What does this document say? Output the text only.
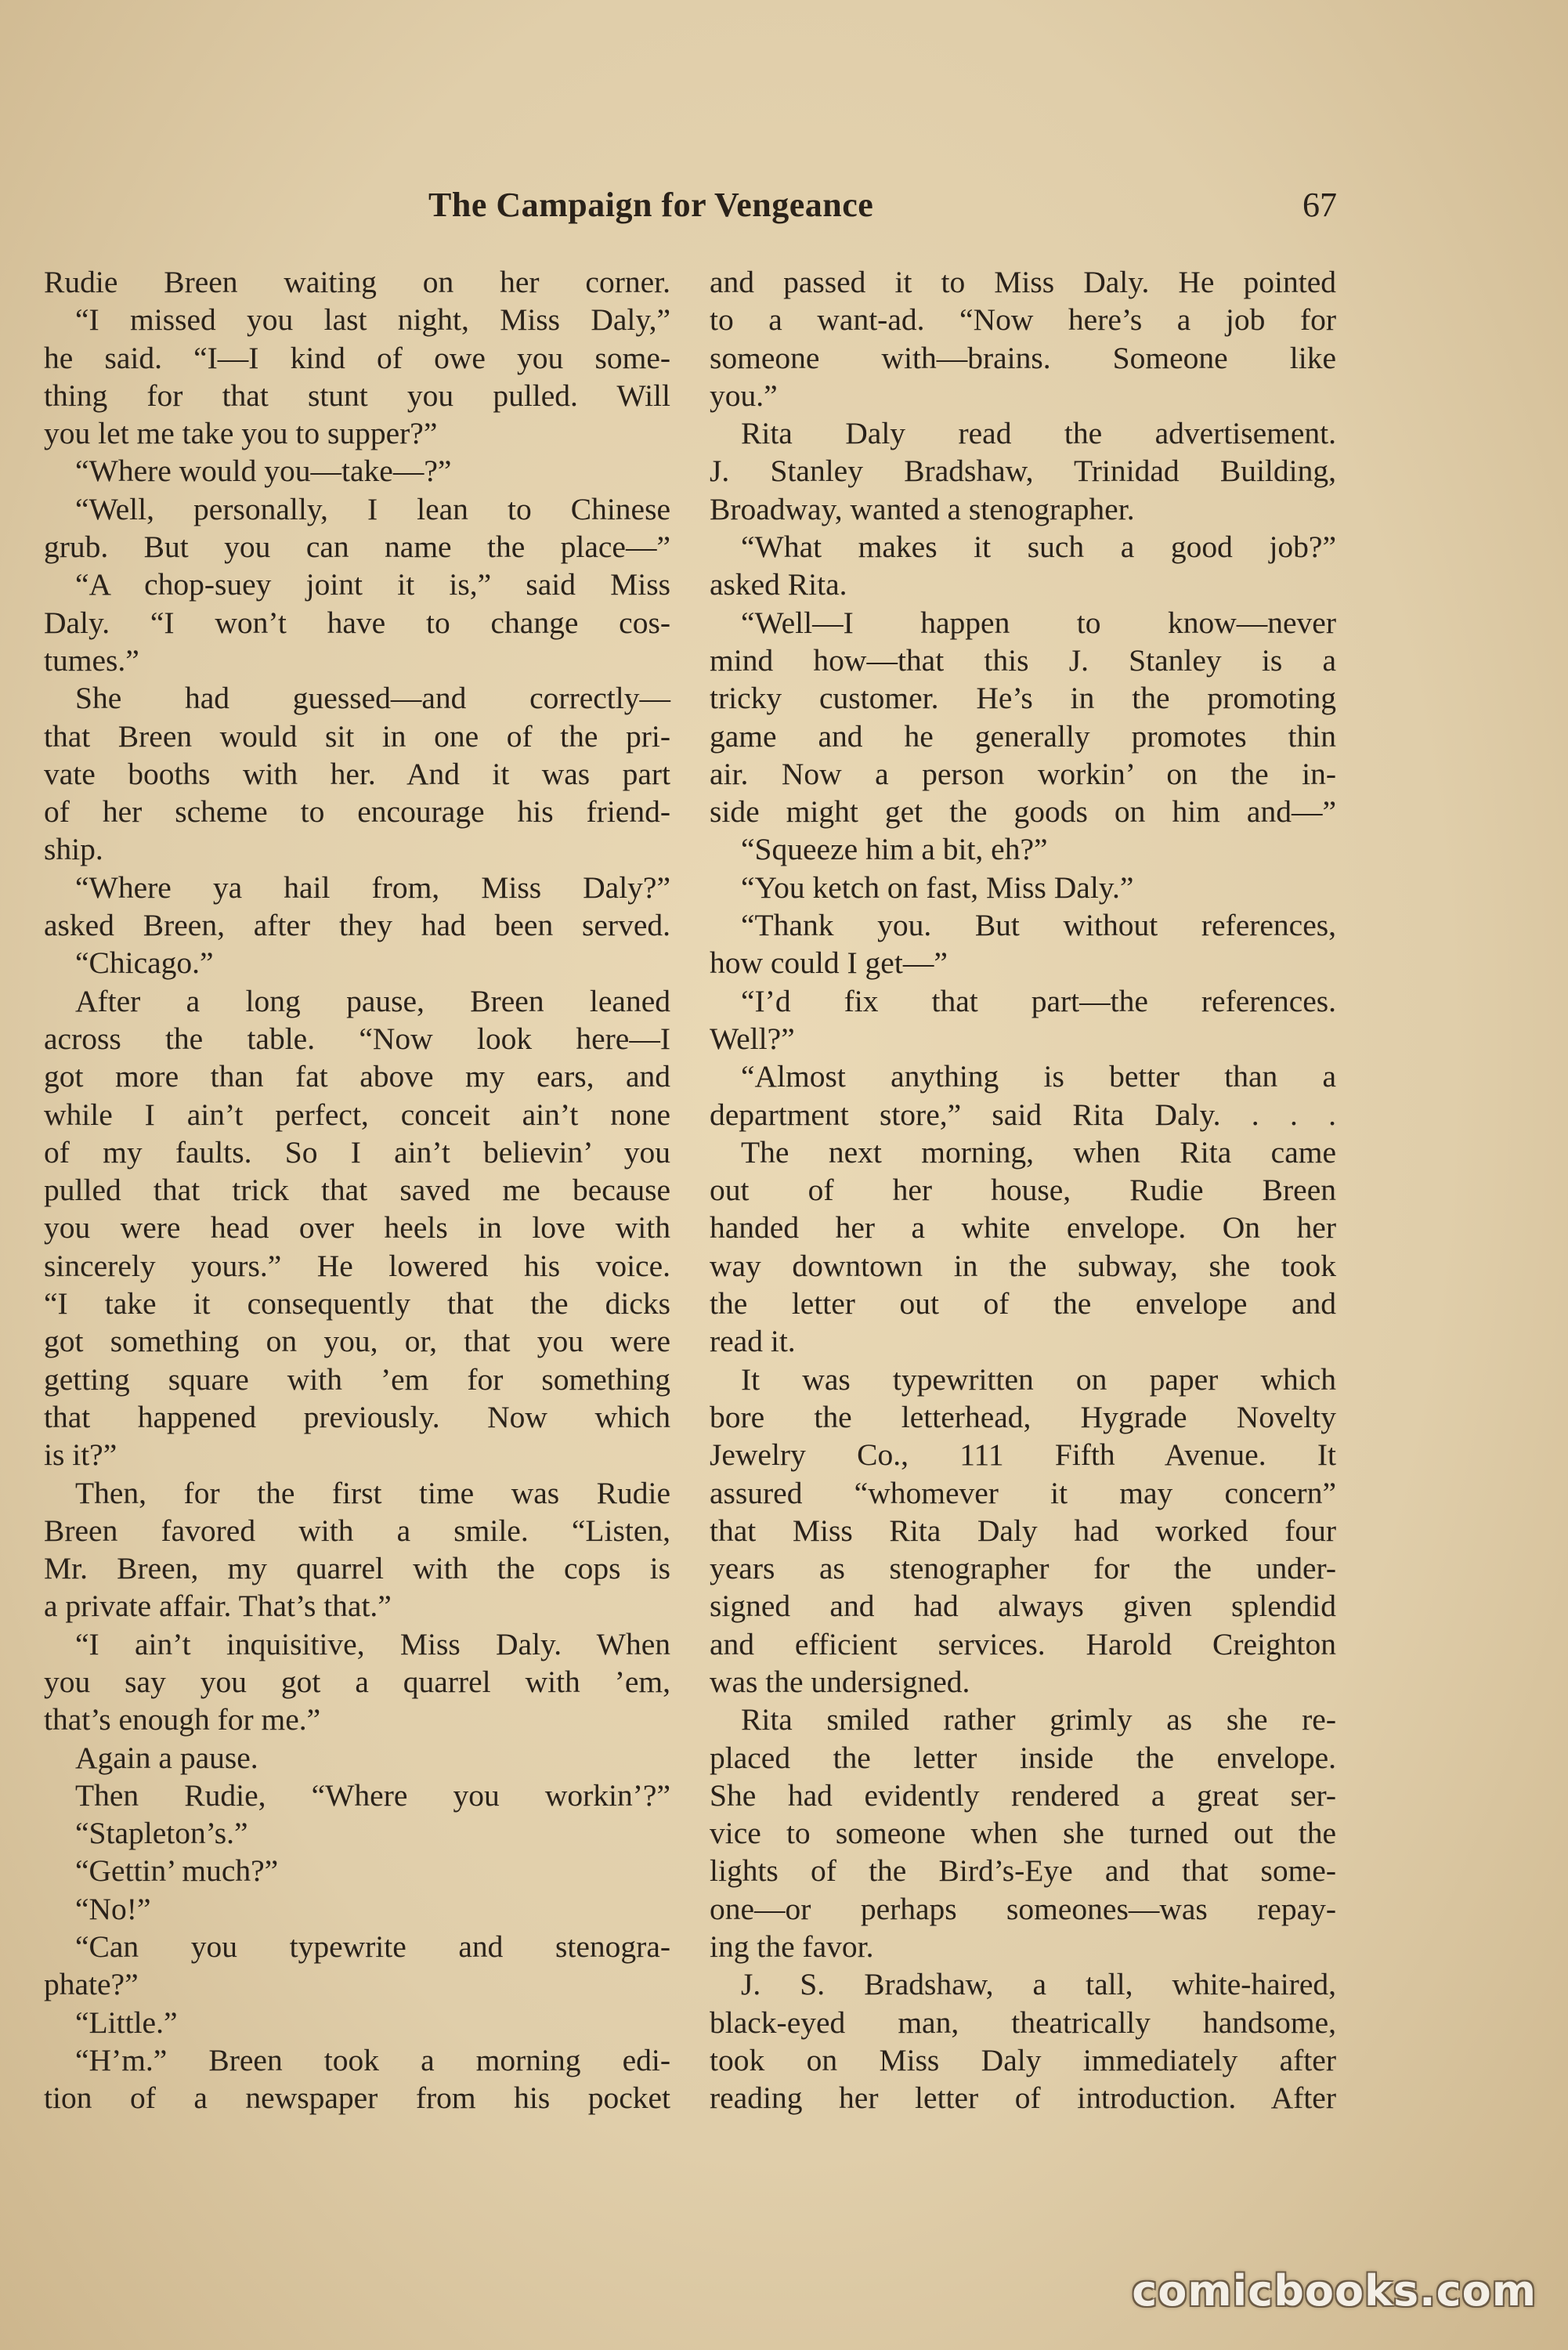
The Campaign for Vengeance	67
Rudie Breen waiting on her corner.
“I missed you last night, Miss Daly,”
he said. “I—I kind of owe you some-
thing for that stunt you pulled. Will
you let me take you to supper?”
“Where would you—take—?”
“Well, personally, I lean to Chinese
grub. But you can name the place—”
“A chop-suey joint it is,” said Miss
Daly. “I won’t have to change cos-
tumes.”
She had guessed—and correctly—
that Breen would sit in one of the pri-
vate booths with her. And it was part
of her scheme to encourage his friend-
ship.
“Where ya hail from, Miss Daly?”
asked Breen, after they had been served.
“Chicago.”
After a long pause, Breen leaned
across the table. “Now look here—I
got more than fat above my ears, and
while I ain’t perfect, conceit ain’t none
of my faults. So I ain’t believin’ you
pulled that trick that saved me because
you were head over heels in love with
sincerely yours.” He lowered his voice.
“I take it consequently that the dicks
got something on you, or, that you were
getting square with ’em for something
that happened previously. Now which
is it?”
Then, for the first time was Rudie
Breen favored with a smile. “Listen,
Mr. Breen, my quarrel with the cops is
a private affair. That’s that.”
“I ain’t inquisitive, Miss Daly. When
you say you got a quarrel with ’em,
that’s enough for me.”
Again a pause.
Then Rudie, “Where you workin’?”
“Stapleton’s.”
“Gettin’ much?”
“No!”
“Can you typewrite and stenogra-
phate?”
“Little.”
“H’m.” Breen took a morning edi-
tion of a newspaper from his pocket
and passed it to Miss Daly. He pointed
to a want-ad. “Now here’s a job for
someone with—brains. Someone like
you.”
Rita Daly read the advertisement.
J. Stanley Bradshaw, Trinidad Building,
Broadway, wanted a stenographer.
“What makes it such a good job?”
asked Rita.
“Well—I happen to know—never
mind how—that this J. Stanley is a
tricky customer. He’s in the promoting
game and he generally promotes thin
air. Now a person workin’ on the in-
side might get the goods on him and—”
“Squeeze him a bit, eh?”
“You ketch on fast, Miss Daly.”
“Thank you. But without references,
how could I get—”
“I’d fix that part—the references.
Well?”
“Almost anything is better than a
department store,” said Rita Daly. . . .
The next morning, when Rita came
out of her house, Rudie Breen
handed her a white envelope. On her
way downtown in the subway, she took
the letter out of the envelope and
read it.
It was typewritten on paper which
bore the letterhead, Hygrade Novelty
Jewelry Co., 111 Fifth Avenue. It
assured “whomever it may concern”
that Miss Rita Daly had worked four
years as stenographer for the under-
signed and had always given splendid
and efficient services. Harold Creighton
was the undersigned.
Rita smiled rather grimly as she re-
placed the letter inside the envelope.
She had evidently rendered a great ser-
vice to someone when she turned out the
lights of the Bird’s-Eye and that some-
one—or perhaps someones—was repay-
ing the favor.
J. S. Bradshaw, a tall, white-haired,
black-eyed man, theatrically handsome,
took on Miss Daly immediately after
reading her letter of introduction. After
comicbooks.com
